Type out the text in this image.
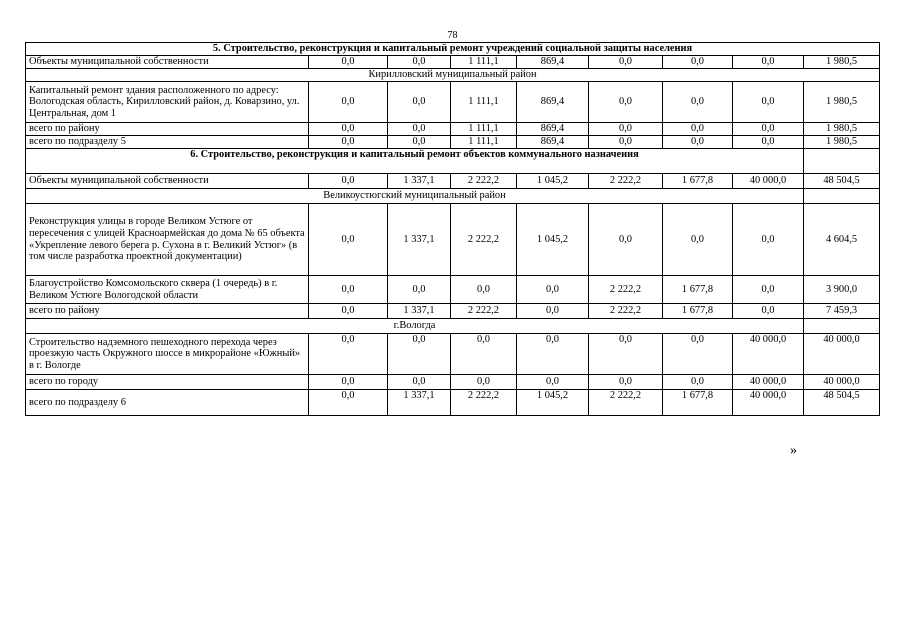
78
5. Строительство, реконструкция и капитальный ремонт учреждений социальной защиты населения								
Объекты муниципальной собственности	0,0	0,0	1 111,1	869,4	0,0	0,0	0,0	1 980,5
Кирилловский муниципальный район								
Капитальный ремонт здания расположенного по адресу: Вологодская область, Кирилловский район, д. Коварзино, ул. Центральная, дом 1	0,0	0,0	1 111,1	869,4	0,0	0,0	0,0	1 980,5
всего по району	0,0	0,0	1 111,1	869,4	0,0	0,0	0,0	1 980,5
всего по подразделу 5	0,0	0,0	1 111,1	869,4	0,0	0,0	0,0	1 980,5
6. Строительство, реконструкция и капитальный ремонт объектов коммунального назначения								
Объекты муниципальной собственности	0,0	1 337,1	2 222,2	1 045,2	2 222,2	1 677,8	40 000,0	48 504,5
Великоустюгский муниципальный район								
Реконструкция улицы в городе Великом Устюге от пересечения с улицей Красноармейская до дома № 65 объекта «Укрепление левого берега р. Сухона в г. Великий Устюг» (в том числе разработка проектной документации)	0,0	1 337,1	2 222,2	1 045,2	0,0	0,0	0,0	4 604,5
Благоустройство Комсомольского сквера (1 очередь) в г. Великом Устюге Вологодской области	0,0	0,0	0,0	0,0	2 222,2	1 677,8	0,0	3 900,0
всего по району	0,0	1 337,1	2 222,2	0,0	2 222,2	1 677,8	0,0	7 459,3
г.Вологда								
Строительство надземного пешеходного перехода через проезжую часть Окружного шоссе в микрорайоне «Южный» в г. Вологде	0,0	0,0	0,0	0,0	0,0	0,0	40 000,0	40 000,0
всего по городу	0,0	0,0	0,0	0,0	0,0	0,0	40 000,0	40 000,0
всего по подразделу 6	0,0	1 337,1	2 222,2	1 045,2	2 222,2	1 677,8	40 000,0	48 504,5
»
